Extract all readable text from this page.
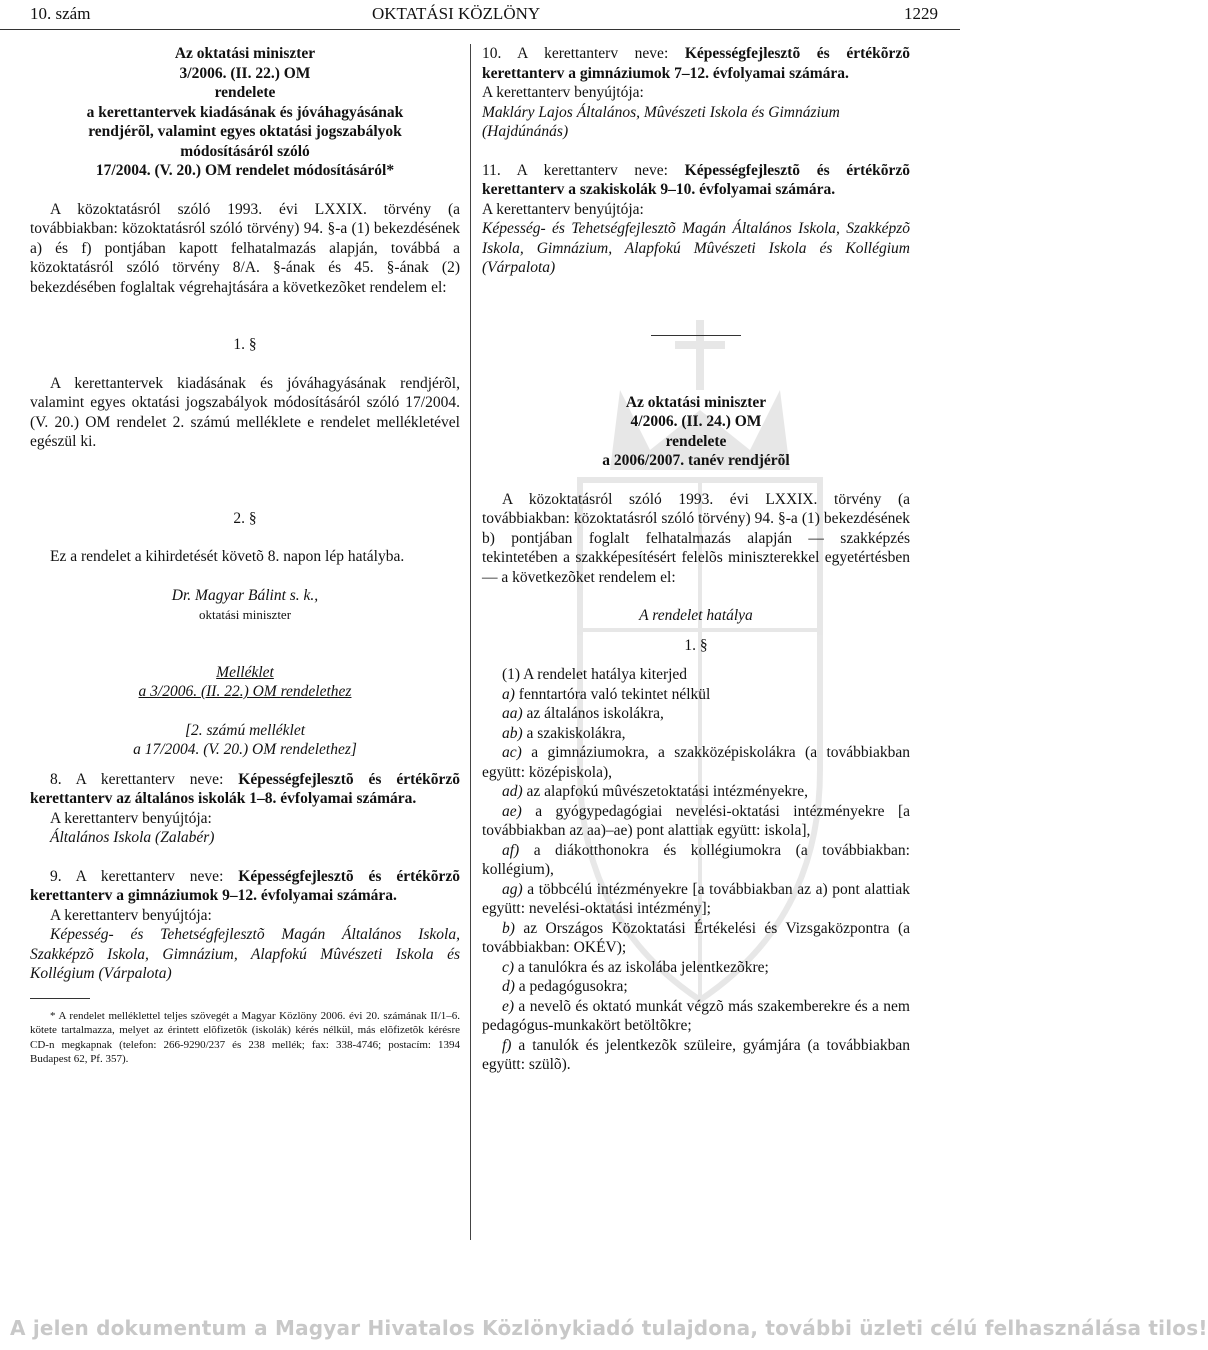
10. szám	OKTATÁSI KÖZLÖNY	1229
Az oktatási miniszter
3/2006. (II. 22.) OM
rendelete
a kerettantervek kiadásának és jóváhagyásának
rendjérõl, valamint egyes oktatási jogszabályok
módosításáról szóló
17/2004. (V. 20.) OM rendelet módosításáról*

A közoktatásról szóló 1993. évi LXXIX. törvény (a továbbiakban: közoktatásról szóló törvény) 94. §-a (1) bekezdésének a) és f) pontjában kapott felhatalmazás alapján, továbbá a közoktatásról szóló törvény 8/A. §-ának és 45. §-ának (2) bekezdésében foglaltak végrehajtására a következõket rendelem el:

1. §

A kerettantervek kiadásának és jóváhagyásának rendjérõl, valamint egyes oktatási jogszabályok módosításáról szóló 17/2004. (V. 20.) OM rendelet 2. számú melléklete e rendelet mellékletével egészül ki.

2. §

Ez a rendelet a kihirdetését követõ 8. napon lép hatályba.

Dr. Magyar Bálint s. k.,

oktatási miniszter

Melléklet

a 3/2006. (II. 22.) OM rendelethez

[2. számú melléklet

a 17/2004. (V. 20.) OM rendelethez]

8. A kerettanterv neve: Képességfejlesztõ és értékõrzõ kerettanterv az általános iskolák 1–8. évfolyamai számára.

A kerettanterv benyújtója:

Általános Iskola (Zalabér)

9. A kerettanterv neve: Képességfejlesztõ és értékõrzõ kerettanterv a gimnáziumok 9–12. évfolyamai számára.

A kerettanterv benyújtója:

Képesség- és Tehetségfejlesztõ Magán Általános Iskola, Szakképzõ Iskola, Gimnázium, Alapfokú Mûvészeti Iskola és Kollégium (Várpalota)

* A rendelet melléklettel teljes szövegét a Magyar Közlöny 2006. évi 20. számának II/1–6. kötete tartalmazza, melyet az érintett elõfizetõk (iskolák) kérés nélkül, más elõfizetõk kérésre CD-n megkapnak (telefon: 266-9290/237 és 238 mellék; fax: 338-4746; postacím: 1394 Budapest 62, Pf. 357).

10. A kerettanterv neve: Képességfejlesztõ és értékõrzõ kerettanterv a gimnáziumok 7–12. évfolyamai számára.

A kerettanterv benyújtója:

Makláry Lajos Általános, Mûvészeti Iskola és Gimnázium (Hajdúnánás)

11. A kerettanterv neve: Képességfejlesztõ és értékõrzõ kerettanterv a szakiskolák 9–10. évfolyamai számára.

A kerettanterv benyújtója:

Képesség- és Tehetségfejlesztõ Magán Általános Iskola, Szakképzõ Iskola, Gimnázium, Alapfokú Mûvészeti Iskola és Kollégium (Várpalota)

Az oktatási miniszter
4/2006. (II. 24.) OM
rendelete
a 2006/2007. tanév rendjérõl

A közoktatásról szóló 1993. évi LXXIX. törvény (a továbbiakban: közoktatásról szóló törvény) 94. §-a (1) bekezdésének b) pontjában foglalt felhatalmazás alapján — szakképzés tekintetében a szakképesítésért felelõs miniszterekkel egyetértésben — a következõket rendelem el:

A rendelet hatálya

1. §

(1) A rendelet hatálya kiterjed

a) fenntartóra való tekintet nélkül

aa) az általános iskolákra,

ab) a szakiskolákra,

ac) a gimnáziumokra, a szakközépiskolákra (a továbbiakban együtt: középiskola),

ad) az alapfokú mûvészetoktatási intézményekre,

ae) a gyógypedagógiai nevelési-oktatási intézményekre [a továbbiakban az aa)–ae) pont alattiak együtt: iskola],

af) a diákotthonokra és kollégiumokra (a továbbiakban: kollégium),

ag) a többcélú intézményekre [a továbbiakban az a) pont alattiak együtt: nevelési-oktatási intézmény];

b) az Országos Közoktatási Értékelési és Vizsgaközpontra (a továbbiakban: OKÉV);

c) a tanulókra és az iskolába jelentkezõkre;

d) a pedagógusokra;

e) a nevelõ és oktató munkát végzõ más szakemberekre és a nem pedagógus-munkakört betöltõkre;

f) a tanulók és jelentkezõk szüleire, gyámjára (a továbbiakban együtt: szülõ).

A jelen dokumentum a Magyar Hivatalos Közlönykiadó tulajdona, további üzleti célú felhasználása tilos!
